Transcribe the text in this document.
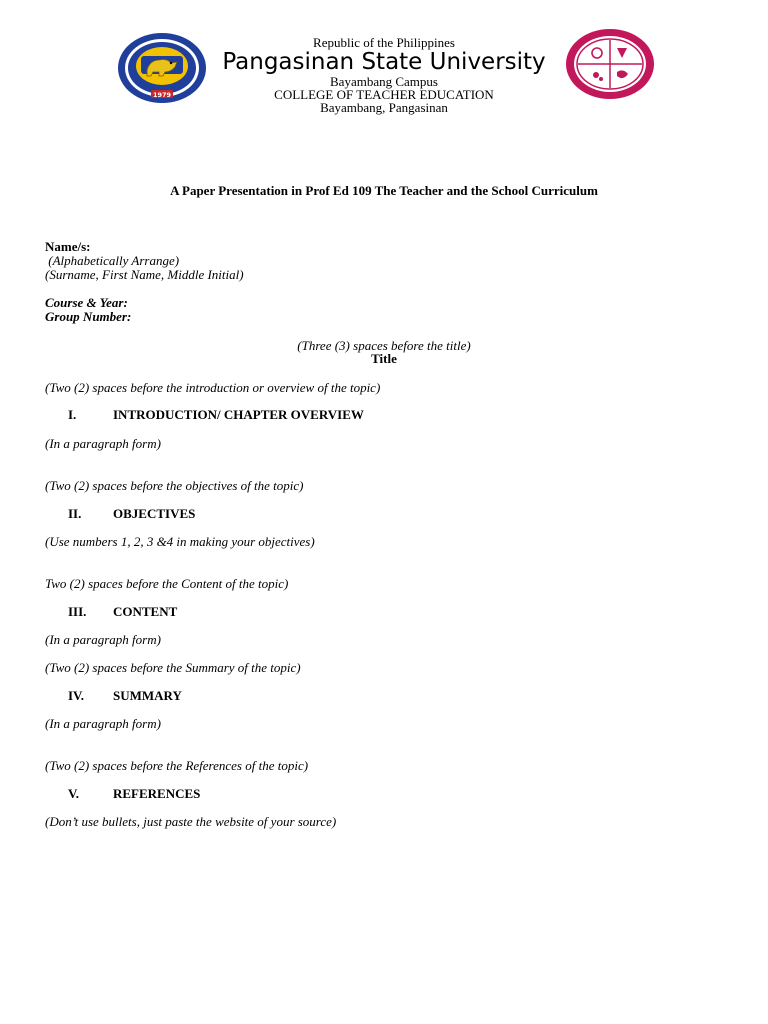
1979

Republic of the Philippines

Pangasinan State University

Bayambang Campus

COLLEGE OF TEACHER EDUCATION

Bayambang, Pangasinan

A Paper Presentation in Prof Ed 109 The Teacher and the School Curriculum

Name/s:

(Alphabetically Arrange)

(Surname, First Name, Middle Initial)

Course & Year:

Group Number:

(Three (3) spaces before the title)

Title

(Two (2) spaces before the introduction or overview of the topic)

I.	INTRODUCTION/ CHAPTER OVERVIEW

(In a paragraph form)

(Two (2) spaces before the objectives of the topic)

II. OBJECTIVES

(Use numbers 1, 2, 3 &4 in making your objectives)

Two (2) spaces before the Content of the topic)

III. CONTENT

(In a paragraph form)

(Two (2) spaces before the Summary of the topic)

IV. SUMMARY

(In a paragraph form)

(Two (2) spaces before the References of the topic)

V.	REFERENCES

(Don’t use bullets, just paste the website of your source)
